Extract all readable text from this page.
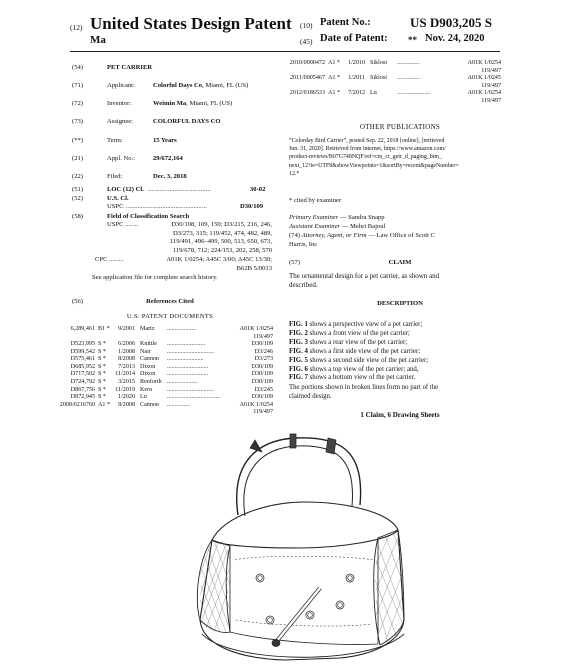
(12) United States Design Patent
Ma
(10) Patent No.:	US D903,205 S
(45) Date of Patent: ** Nov. 24, 2020
(54)	PET CARRIER
(71)	Applicant:	Colorful Days Co, Miami, FL (US)
(72)	Inventor:	Weimin Ma, Miami, FL (US)
(73)	Assignee:	COLORFUL DAYS CO
(**)	Term:	15 Years
(21)	Appl. No.:	29/672,164
(22)	Filed:	Dec. 3, 2018
(51)	LOC (12) Cl. ......................................	30-02
(52)	U.S. Cl.
USPC .................................................	D30/109
(58)	Field of Classification Search
USPC ........	D30/108, 109, 150; D3/215, 216, 246,
D3/273, 315; 119/452, 474, 482, 489,
119/491, 496–499, 500, 513, 650, 673,
119/678, 712; 224/153, 202, 258, 570
CPC .........	A01K 1/0254; A45C 3/00; A45C 13/30;
B62B 5/0013
See application file for complete search history.
(56)	References Cited
U.S. PATENT DOCUMENTS
6,289,461 B1 * 9/2001 Martz ...................	A01K 1/0254
119/497
D523,995 S * 6/2006 Knittle .........................	D30/109
D599,542 S * 1/2008 Nair	...............................	D3/246
D575,461 S * 8/2008 Cannon ........................	D3/273
D685,952 S * 7/2013 Dixon ...........................	D30/109
D717,502 S * 11/2014 Dixon ...........................	D30/109
D724,792 S * 3/2015 Renforth ....................	D30/109
D867,756 S * 11/2019 Kern ...............................	D3/245
D872,945 S * 1/2020 Lu	...................................	D30/109
2008/0216760 A1 * 9/2008 Cannon ...............	A01K 1/0254
119/497
2010/0000472 A1 * 1/2010 Siklosi ...............	A01K 1/0254
119/497
2011/0005467 A1 * 1/2011 Siklosi ...............	A01K 1/0245
119/497
2012/0186533 A1 * 7/2012 Lu	......................	A01K 1/0254
119/497
OTHER PUBLICATIONS
“Colorday Bird Carrier”, posted Sep. 22, 2018 [online], [retrieved
Jun. 31, 2020]. Retrieved from internet, https://www.amazon.com/
product-reviews/B07G748NQF/ref=cm_cr_getr_d_paging_btm_
next_12?ie=UTF8&showViewpoints=1&sortBy=recent&pageNumber=
12.*
* cited by examiner
Primary Examiner — Sandra Snapp
Assistant Examiner — Mehri Bajoul
(74) Attorney, Agent, or Firm — Law Office of Scott C
Harris, Inc
(57)	CLAIM
The ornamental design for a pet carrier, as shown and
described.
DESCRIPTION
FIG. 1 shows a perspective view of a pet carrier;
FIG. 2 shows a front view of the pet carrier;
FIG. 3 shows a rear view of the pet carrier;
FIG. 4 shows a first side view of the pet carrier;
FIG. 5 shows a second side view of the pet carrier;
FIG. 6 shows a top view of the pet carrier; and,
FIG. 7 shows a bottom view of the pet carrier.
The portions shown in broken lines form no part of the
claimed design.
1 Claim, 6 Drawing Sheets
